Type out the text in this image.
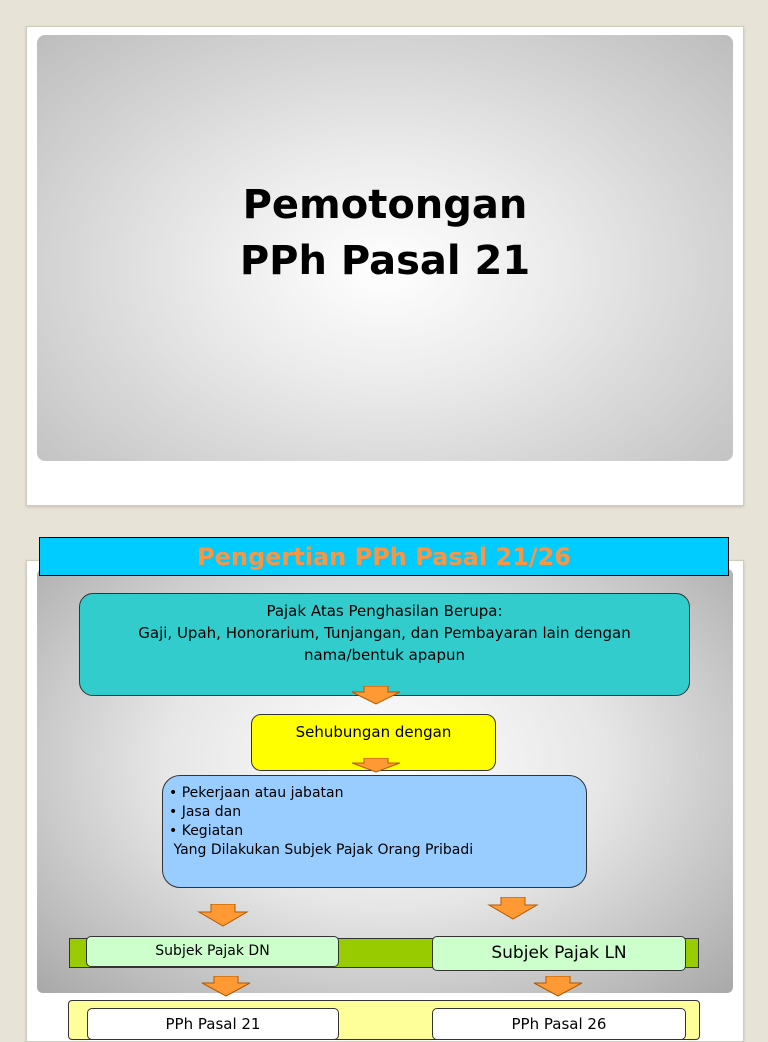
Pemotongan
PPh Pasal 21
Pengertian PPh Pasal 21/26
Pajak Atas Penghasilan Berupa:
Gaji, Upah, Honorarium, Tunjangan, dan Pembayaran lain dengan
nama/bentuk apapun
Sehubungan dengan
• Pekerjaan atau jabatan
• Jasa dan
• Kegiatan
Yang Dilakukan Subjek Pajak Orang Pribadi
Subjek Pajak DN	Subjek Pajak LN
PPh Pasal 21	PPh Pasal 26
